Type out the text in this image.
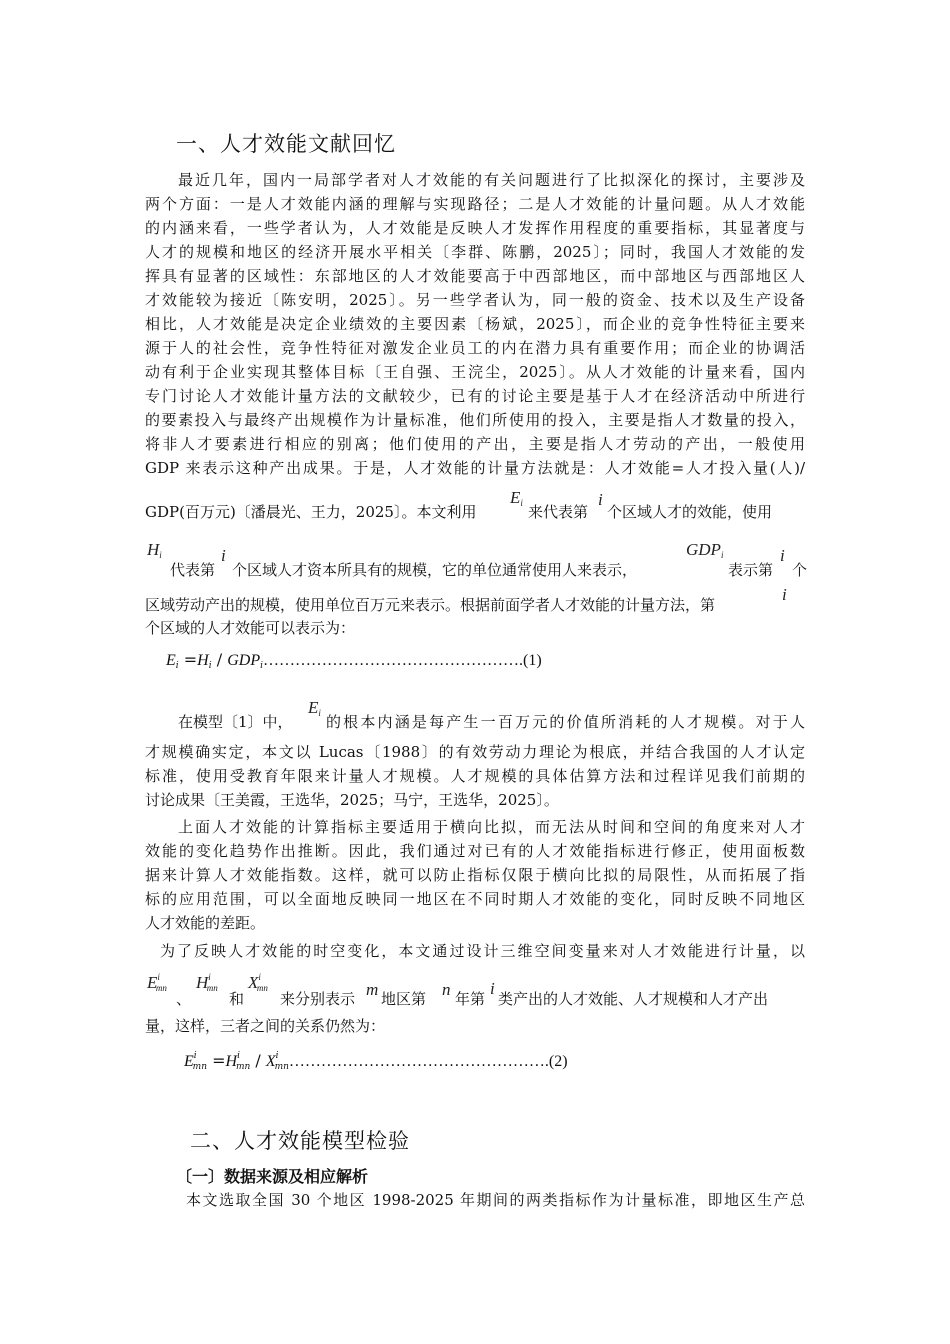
一、人才效能文献回忆
最近几年，国内一局部学者对人才效能的有关问题进行了比拟深化的探讨，主要涉及
两个方面：一是人才效能内涵的理解与实现路径；二是人才效能的计量问题。从人才效能
的内涵来看，一些学者认为，人才效能是反映人才发挥作用程度的重要指标，其显著度与
人才的规模和地区的经济开展水平相关〔李群、陈鹏，2025〕；同时，我国人才效能的发
挥具有显著的区域性：东部地区的人才效能要高于中西部地区，而中部地区与西部地区人
才效能较为接近〔陈安明，2025〕。另一些学者认为，同一般的资金、技术以及生产设备
相比，人才效能是决定企业绩效的主要因素〔杨斌，2025〕，而企业的竞争性特征主要来
源于人的社会性，竞争性特征对激发企业员工的内在潜力具有重要作用；而企业的协调活
动有利于企业实现其整体目标〔王自强、王浣尘，2025〕。从人才效能的计量来看，国内
专门讨论人才效能计量方法的文献较少，已有的讨论主要是基于人才在经济活动中所进行
的要素投入与最终产出规模作为计量标准，他们所使用的投入，主要是指人才数量的投入，
将非人才要素进行相应的别离；他们使用的产出，主要是指人才劳动的产出，一般使用
GDP 来表示这种产出成果。于是，人才效能的计量方法就是：人才效能=人才投入量(人)/
GDP(百万元)〔潘晨光、王力，2025〕。本文利用
$E_i$ 来代表第
i
个区域人才的效能，使用
$H_i$
代表第
i
个区域人才资本所具有的规模，它的单位通常使用人来表示，
$GDP_i$
表示第
i
个
区域劳动产出的规模，使用单位百万元来表示。根据前面学者人才效能的计量方法，第
i
个区域的人才效能可以表示为：
$E_i =H_i$ / $GDP_i\dots\dots\dots\dots\dots\dots\dots\dots\dots\dots\dots\dots\dots\dots\dots\dots.(1)$
在模型〔1〕中，
$E_i$ 的根本内涵是每产生一百万元的价值所消耗的人才规模。对于人
才规模确实定，本文以 Lucas〔1988〕的有效劳动力理论为根底，并结合我国的人才认定
标准，使用受教育年限来计量人才规模。人才规模的具体估算方法和过程详见我们前期的
讨论成果〔王美霞，王选华，2025；马宁，王选华，2025〕。
上面人才效能的计算指标主要适用于横向比拟，而无法从时间和空间的角度来对人才
效能的变化趋势作出推断。因此，我们通过对已有的人才效能指标进行修正，使用面板数
据来计算人才效能指数。这样，就可以防止指标仅限于横向比拟的局限性，从而拓展了指
标的应用范围，可以全面地反映同一地区在不同时期人才效能的变化，同时反映不同地区
人才效能的差距。
为了反映人才效能的时空变化，本文通过设计三维空间变量来对人才效能进行计量，以
$E^i_{mn}$
、
$H^i_{mn}$
和
$X^i_{mn}$
来分别表示 m 地区第 n 年第
i
类产出的人才效能、人才规模和人才产出
量，这样，三者之间的关系仍然为：
$E^i_{mn} =H^i_{mn}$ / $X^i_{mn}\dots\dots\dots\dots\dots\dots\dots\dots\dots\dots\dots\dots\dots\dots\dots\dots.(2)$
二、人才效能模型检验
〔一〕数据来源及相应解析
本文选取全国 30 个地区 1998-2025 年期间的两类指标作为计量标准，即地区生产总
